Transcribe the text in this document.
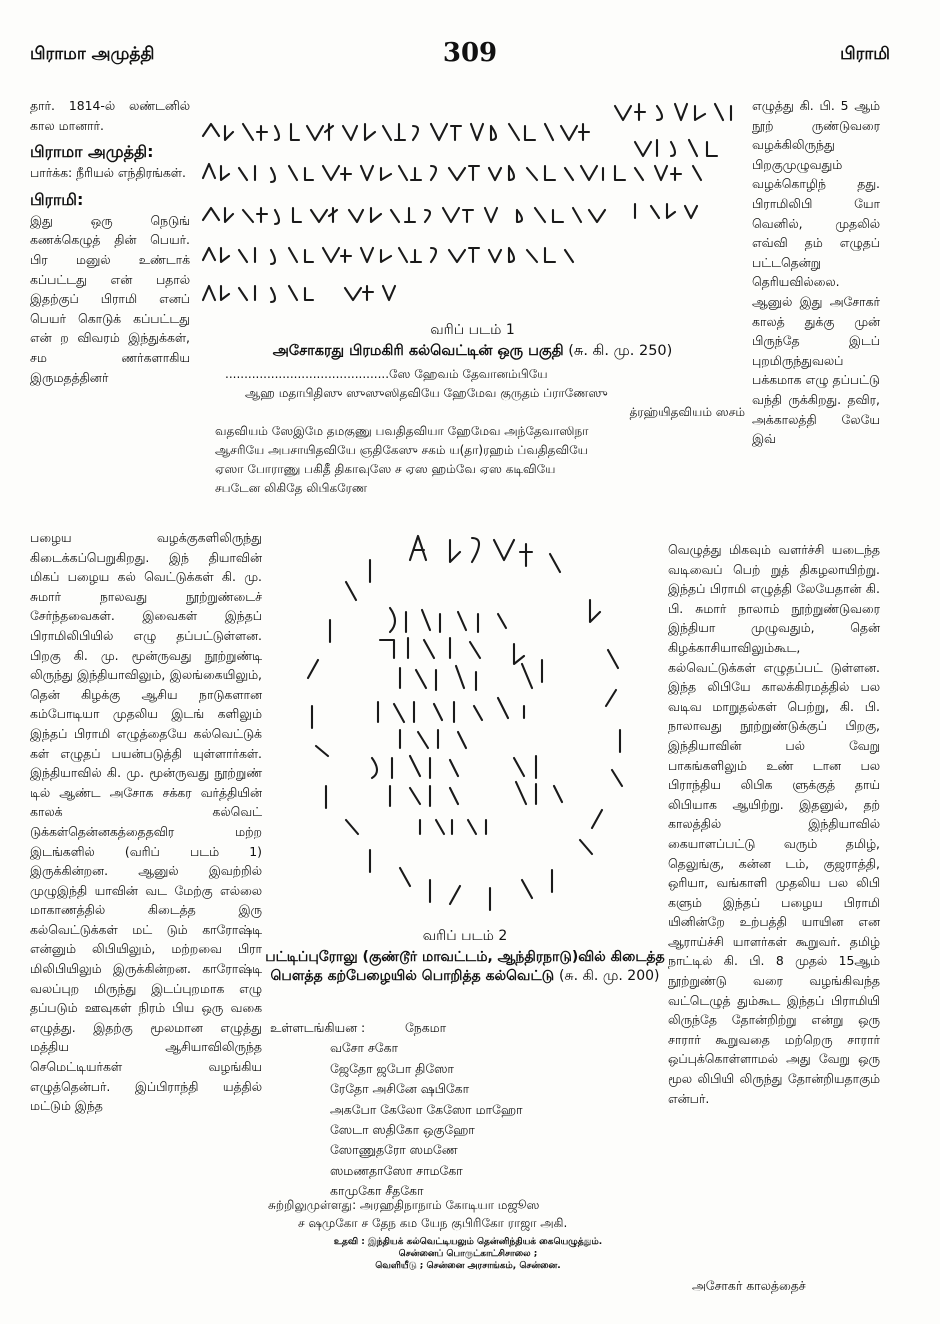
பிராமா அமுத்தி	309	பிராமி

தார். 1814-ல் லண்டனில் கால மானார்.

பிராமா அமுத்தி:

பார்க்க: நீரியல் எந்திரங்கள்.

பிராமி:

இது ஒரு நெடுங் கணக்கெழுத் தின் பெயர். பிர மனுல் உண்டாக் கப்பட்டது என் பதால் இதற்குப் பிராமி எனப் பெயர் கொடுக் கப்பட்டது என் ற விவரம் இந்துக்கள், சம ணர்களாகிய இருமதத்தினர்

வரிப் படம் 1
அசோகரது பிரமகிரி கல்வெட்டின் ஒரு பகுதி (சு. கி. மு. 250)

...........................................ஸே ஹேவம் தேவானம்பியே

ஆஹ மதாபிதிஸு ஸுஸுஸிதவியே ஹேமேவ குருதம் ப்ராணேஸு

த்ரஹ்யிதவியம் ஸசம்

வதவியம் ஸேஇமே தமகுணு பவதிதவியா ஹேமேவ அந்தேவாஸிநா

ஆசரியே அபசாயிதவியே ஞதிகேஸு சகம் ய(தா)ரஹம் ப்வதிதவியே

ஏஸா போராணு பகிதீ திகாவுஸே ச ஏஸ ஹம்வே ஏஸ கடிவியே

சபடேன லிகிதே லிபிகரேண

எழுத்து கி. பி. 5 ஆம் நூற் ருண்டுவரை வழக்கிலிருந்து பிறகுமுழுவதும் வழக்கொழிந் தது. பிராமிலிபி யோ வெனில், முதலில் எவ்வி தம் எழுதப் பட்டதென்று தெரியவில்லை. ஆனுல் இது அசோகர் காலத் துக்கு முன் பிருந்தே இடப் புறமிருந்துவலப் பக்கமாக எழு தப்பட்டு வந்தி ருக்கிறது. தவிர, அக்காலத்தி லேயே இவ்

பழைய வழக்குகளிலிருந்து கிடைக்கப்பெறுகிறது. இந் தியாவின் மிகப் பழைய கல் வெட்டுக்கள் கி. மு. சுமார் நாலவது நூற்றுண்டைச் சேர்ந்தவைகள். இவைகள் இந்தப் பிராமிலிபியில் எழு தப்பட்டுள்ளன. பிறகு கி. மு. மூன்ருவது நூற்றுண்டி லிருந்து இந்தியாவிலும், இலங்கையிலும், தென் கிழக்கு ஆசிய நாடுகளான கம்போடியா முதலிய இடங் களிலும் இந்தப் பிராமி எழுத்தையே கல்வெட்டுக் கள் எழுதப் பயன்படுத்தி யுள்ளார்கள். இந்தியாவில் கி. மு. மூன்ருவது நூற்றுண் டில் ஆண்ட அசோக சக்கர வர்த்தியின் காலக் கல்வெட் டுக்கள்தென்னகத்தைதவிர மற்ற இடங்களில் (வரிப் படம் 1) இருக்கின்றன. ஆனுல் இவற்றில் முழுஇந்தி யாவின் வட மேற்கு எல்லை மாகாணத்தில் கிடைத்த இரு கல்வெட்டுக்கள் மட் டும் காரோஷ்டி என்னும் லிபியிலும், மற்றவை பிரா மிலிபியிலும் இருக்கின்றன. காரோஷ்டி வலப்புற மிருந்து இடப்புறமாக எழு தப்படும் ஊவுகள் நிரம் பிய ஒரு வகை எழுத்து. இதற்கு மூலமான எழுத்து மத்திய ஆசியாவிலிருந்த செமெட்டியர்கள் வழங்கிய எழுத்தென்பர். இப்பிராந்தி யத்தில் மட்டும் இந்த

வரிப் படம் 2
பட்டிப்புரோலு (குண்டூர் மாவட்டம், ஆந்திரநாடு)வில் கிடைத்த பௌத்த கற்பேழையில் பொறித்த கல்வெட்டு (சு. கி. மு. 200)
உள்ளடங்கியன :	நேகமா
வசோ சகோ
ஜேதோ ஜபோ திஸோ
ரேதோ அசினே ஷபிகோ
அகபோ கேலோ கேஸோ மாஹோ
ஸேடா ஸதிகோ ஒகுஹோ
ஸோணுதரோ ஸமணே
ஸமணதாஸோ சாமகோ
காமுகோ சீதகோ

சுற்றிலுமுள்ளது: அரஹதிநாநாம் கோடியா மஜூஸ

ச ஷமுகோ ச தேந கம யேந குபிரிகோ ராஜா அகி.

உதவி : இந்தியக் கல்வெட்டியலும் தென்னிந்தியக் கையெழுத்தும்.

சென்னைப் பொருட்காட்சிசாலை ;

வெளியீடு ; சென்னை அரசாங்கம், சென்னை.

வெழுத்து மிகவும் வளர்ச்சி யடைந்த வடிவைப் பெற் றுத் திகழலாயிற்று. இந்தப் பிராமி எழுத்தி லேயேதான் கி. பி. சுமார் நாலாம் நூற்றுண்டுவரை இந்தியா முழுவதும், தென் கிழக்காசியாவிலும்கூட, கல்வெட்டுக்கள் எழுதப்பட் டுள்ளன. இந்த லிபியே காலக்கிரமத்தில் பல வடிவ மாறுதல்கள் பெற்று, கி. பி. நாலாவது நூற்றுண்டுக்குப் பிறகு, இந்தியாவின் பல் வேறு பாகங்களிலும் உண் டான பல பிராந்திய லிபிக ளுக்குத் தாய் லிபியாக ஆயிற்று. இதனுல், தற் காலத்தில் இந்தியாவில் கையாளப்பட்டு வரும் தமிழ், தெலுங்கு, கன்ன டம், குஜராத்தி, ஒரியா, வங்காளி முதலிய பல லிபி களும் இந்தப் பழைய பிராமி யினின்றே உற்பத்தி யாயின என ஆராய்ச்சி யாளர்கள் கூறுவர். தமிழ் நாட்டில் கி. பி. 8 முதல் 15ஆம் நூற்றுண்டு வரை வழங்கிவந்த வட்டெழுத் தும்கூட இந்தப் பிராமியி லிருந்தே தோன்றிற்று என்று ஒரு சாரார் கூறுவதை மற்றெரு சாரார் ஒப்புக்கொள்ளாமல் அது வேறு ஒரு மூல லிபியி லிருந்து தோன்றியதாகும் என்பர்.

அசோகர் காலத்தைச்
